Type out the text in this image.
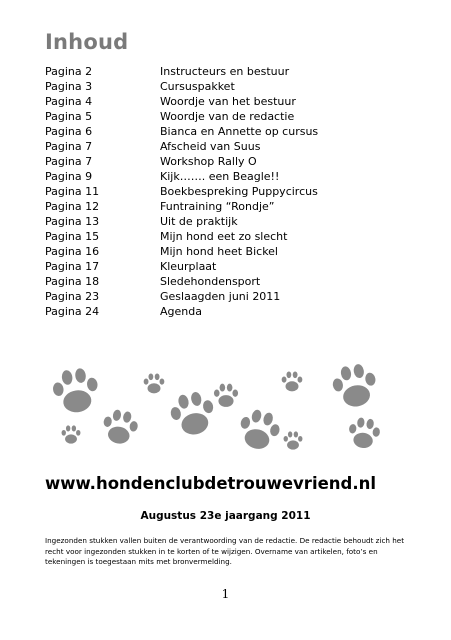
Inhoud
Pagina 2	Instructeurs en bestuur
Pagina 3	Cursuspakket
Pagina 4	Woordje van het bestuur
Pagina 5	Woordje van de redactie
Pagina 6	Bianca en Annette op cursus
Pagina 7	Afscheid van Suus
Pagina 7	Workshop Rally O
Pagina 9	Kijk……. een Beagle!!
Pagina 11	Boekbespreking Puppycircus
Pagina 12	Funtraining “Rondje”
Pagina 13	Uit de praktijk
Pagina 15	Mijn hond eet zo slecht
Pagina 16	Mijn hond heet Bickel
Pagina 17	Kleurplaat
Pagina 18	Sledehondensport
Pagina 23	Geslaagden juni 2011
Pagina 24	Agenda
www.hondenclubdetrouwevriend.nl
Augustus 23e jaargang 2011
Ingezonden stukken vallen buiten de verantwoording van de redactie. De redactie behoudt zich het recht voor ingezonden stukken in te korten of te wijzigen. Overname van artikelen, foto’s en tekeningen is toegestaan mits met bronvermelding.
1
